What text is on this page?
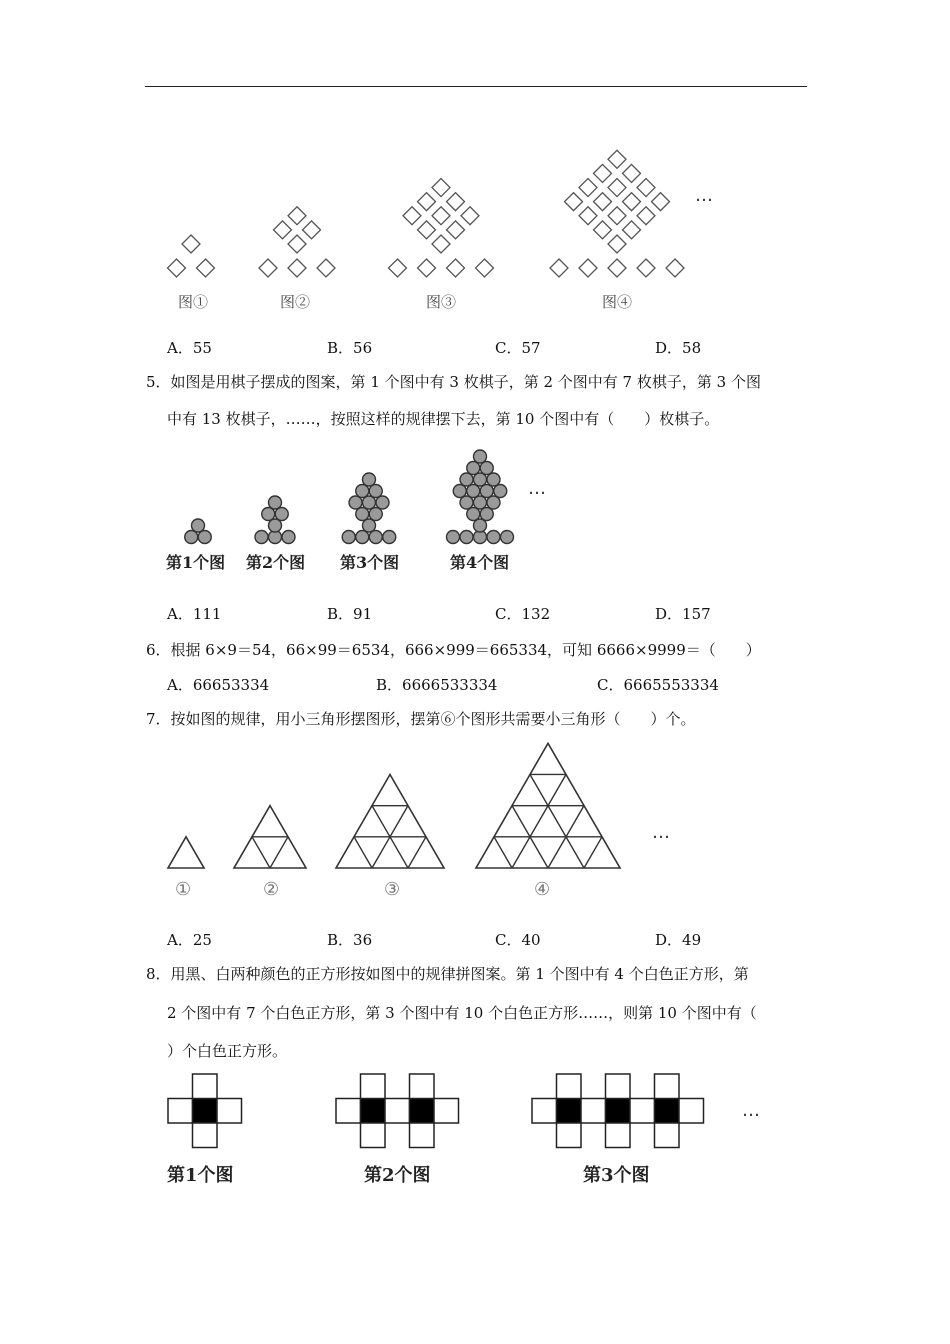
…
图①	图②	图③	图④
A．55	B．56	C．57	D．58
5．如图是用棋子摆成的图案，第 1 个图中有 3 枚棋子，第 2 个图中有 7 枚棋子，第 3 个图
中有 13 枚棋子，……，按照这样的规律摆下去，第 10 个图中有（　　）枚棋子。
…
第1个图 第2个图 第3个图	第4个图
A．111	B．91	C．132	D．157
6．根据 6×9＝54，66×99＝6534，666×999＝665334，可知 6666×9999＝（　　）
A．66653334	B．6666533334	C．6665553334
7．按如图的规律，用小三角形摆图形，摆第⑥个图形共需要小三角形（　　）个。
…
①	②	③	④
A．25	B．36	C．40	D．49
8．用黑、白两种颜色的正方形按如图中的规律拼图案。第 1 个图中有 4 个白色正方形，第
2 个图中有 7 个白色正方形，第 3 个图中有 10 个白色正方形……，则第 10 个图中有（
）个白色正方形。
…
第1个图	第2个图	第3个图
